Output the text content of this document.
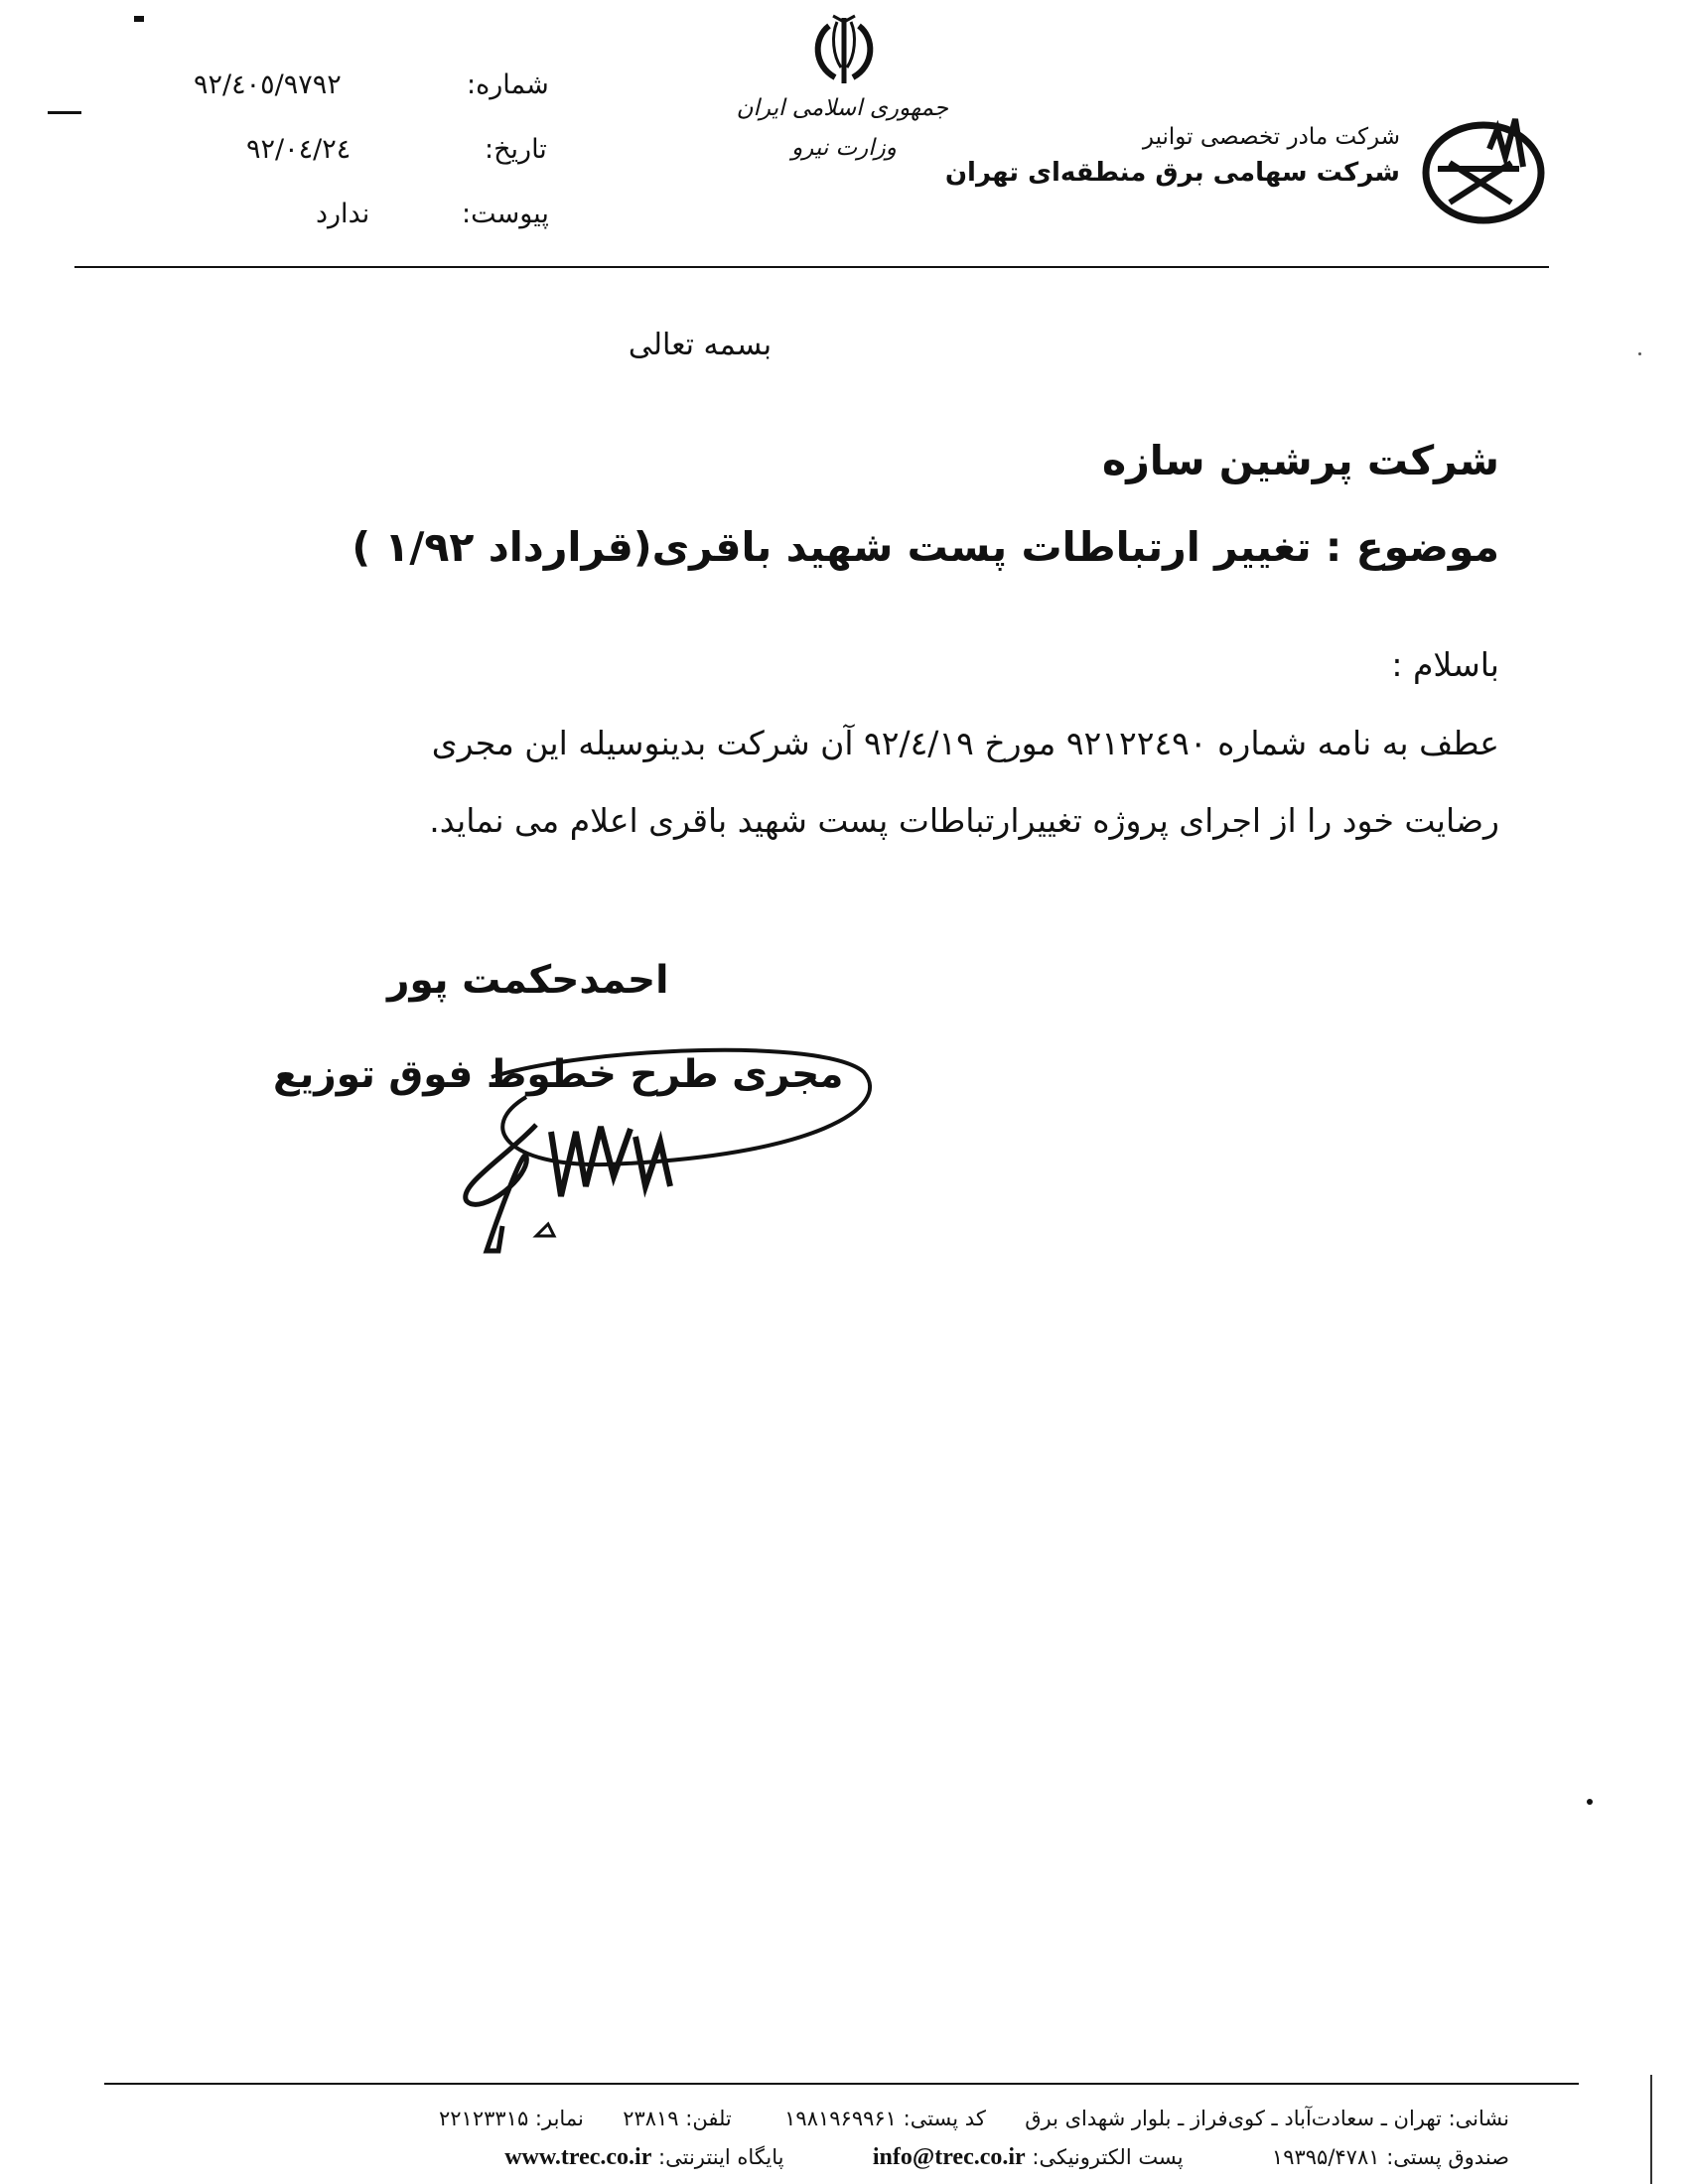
شماره:
۹۲/٤۰٥/۹۷۹۲
تاریخ:
۹۲/۰٤/۲٤
پیوست:
ندارد
جمهوری اسلامی ایران
وزارت نیرو	شرکت مادر تخصصی توانیر
شرکت سهامی برق منطقه‌ای تهران
بسمه تعالی
شرکت پرشین سازه
موضوع : تغییر ارتباطات پست شهید باقری(قرارداد ۱/۹۲ )
باسلام :
عطف به نامه شماره ۹۲۱۲۲٤۹۰ مورخ ۹۲/٤/۱۹ آن شرکت بدینوسیله این مجری
رضایت خود را از اجرای پروژه تغییرارتباطات پست شهید باقری اعلام می نماید.
احمدحکمت پور
مجری طرح خطوط فوق توزیع
نشانی: تهران ـ سعادت‌آباد ـ کوی‌فراز ـ بلوار شهدای برق  کد پستی: ۱۹۸۱۹۶۹۹۶۱  تلفن: ۲۳۸۱۹  نمابر: ۲۲۱۲۳۳۱۵
صندوق پستی: ۱۹۳۹۵/۴۷۸۱  پست الکترونیکی: info@trec.co.ir  پایگاه اینترنتی: www.trec.co.ir
